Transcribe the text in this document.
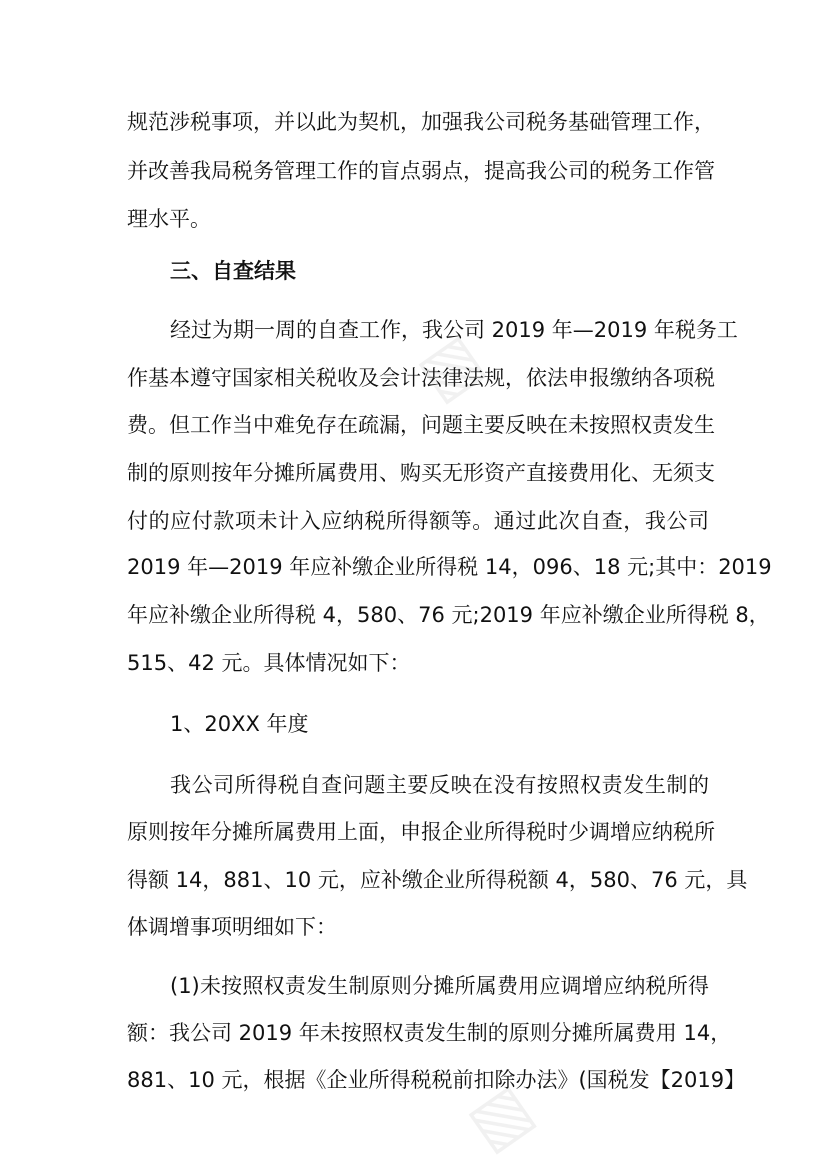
▧
▧
规范涉税事项，并以此为契机，加强我公司税务基础管理工作，
并改善我局税务管理工作的盲点弱点，提高我公司的税务工作管
理水平。
三、自查结果
经过为期一周的自查工作，我公司 2019 年—2019 年税务工
作基本遵守国家相关税收及会计法律法规，依法申报缴纳各项税
费。但工作当中难免存在疏漏，问题主要反映在未按照权责发生
制的原则按年分摊所属费用、购买无形资产直接费用化、无须支
付的应付款项未计入应纳税所得额等。通过此次自查，我公司
2019 年—2019 年应补缴企业所得税 14，096、18 元;其中：2019
年应补缴企业所得税 4，580、76 元;2019 年应补缴企业所得税 8，
515、42 元。具体情况如下：
1、20XX 年度
我公司所得税自查问题主要反映在没有按照权责发生制的
原则按年分摊所属费用上面，申报企业所得税时少调增应纳税所
得额 14，881、10 元，应补缴企业所得税额 4，580、76 元，具
体调增事项明细如下：
(1)未按照权责发生制原则分摊所属费用应调增应纳税所得
额：我公司 2019 年未按照权责发生制的原则分摊所属费用 14，
881、10 元，根据《企业所得税税前扣除办法》(国税发【2019】
